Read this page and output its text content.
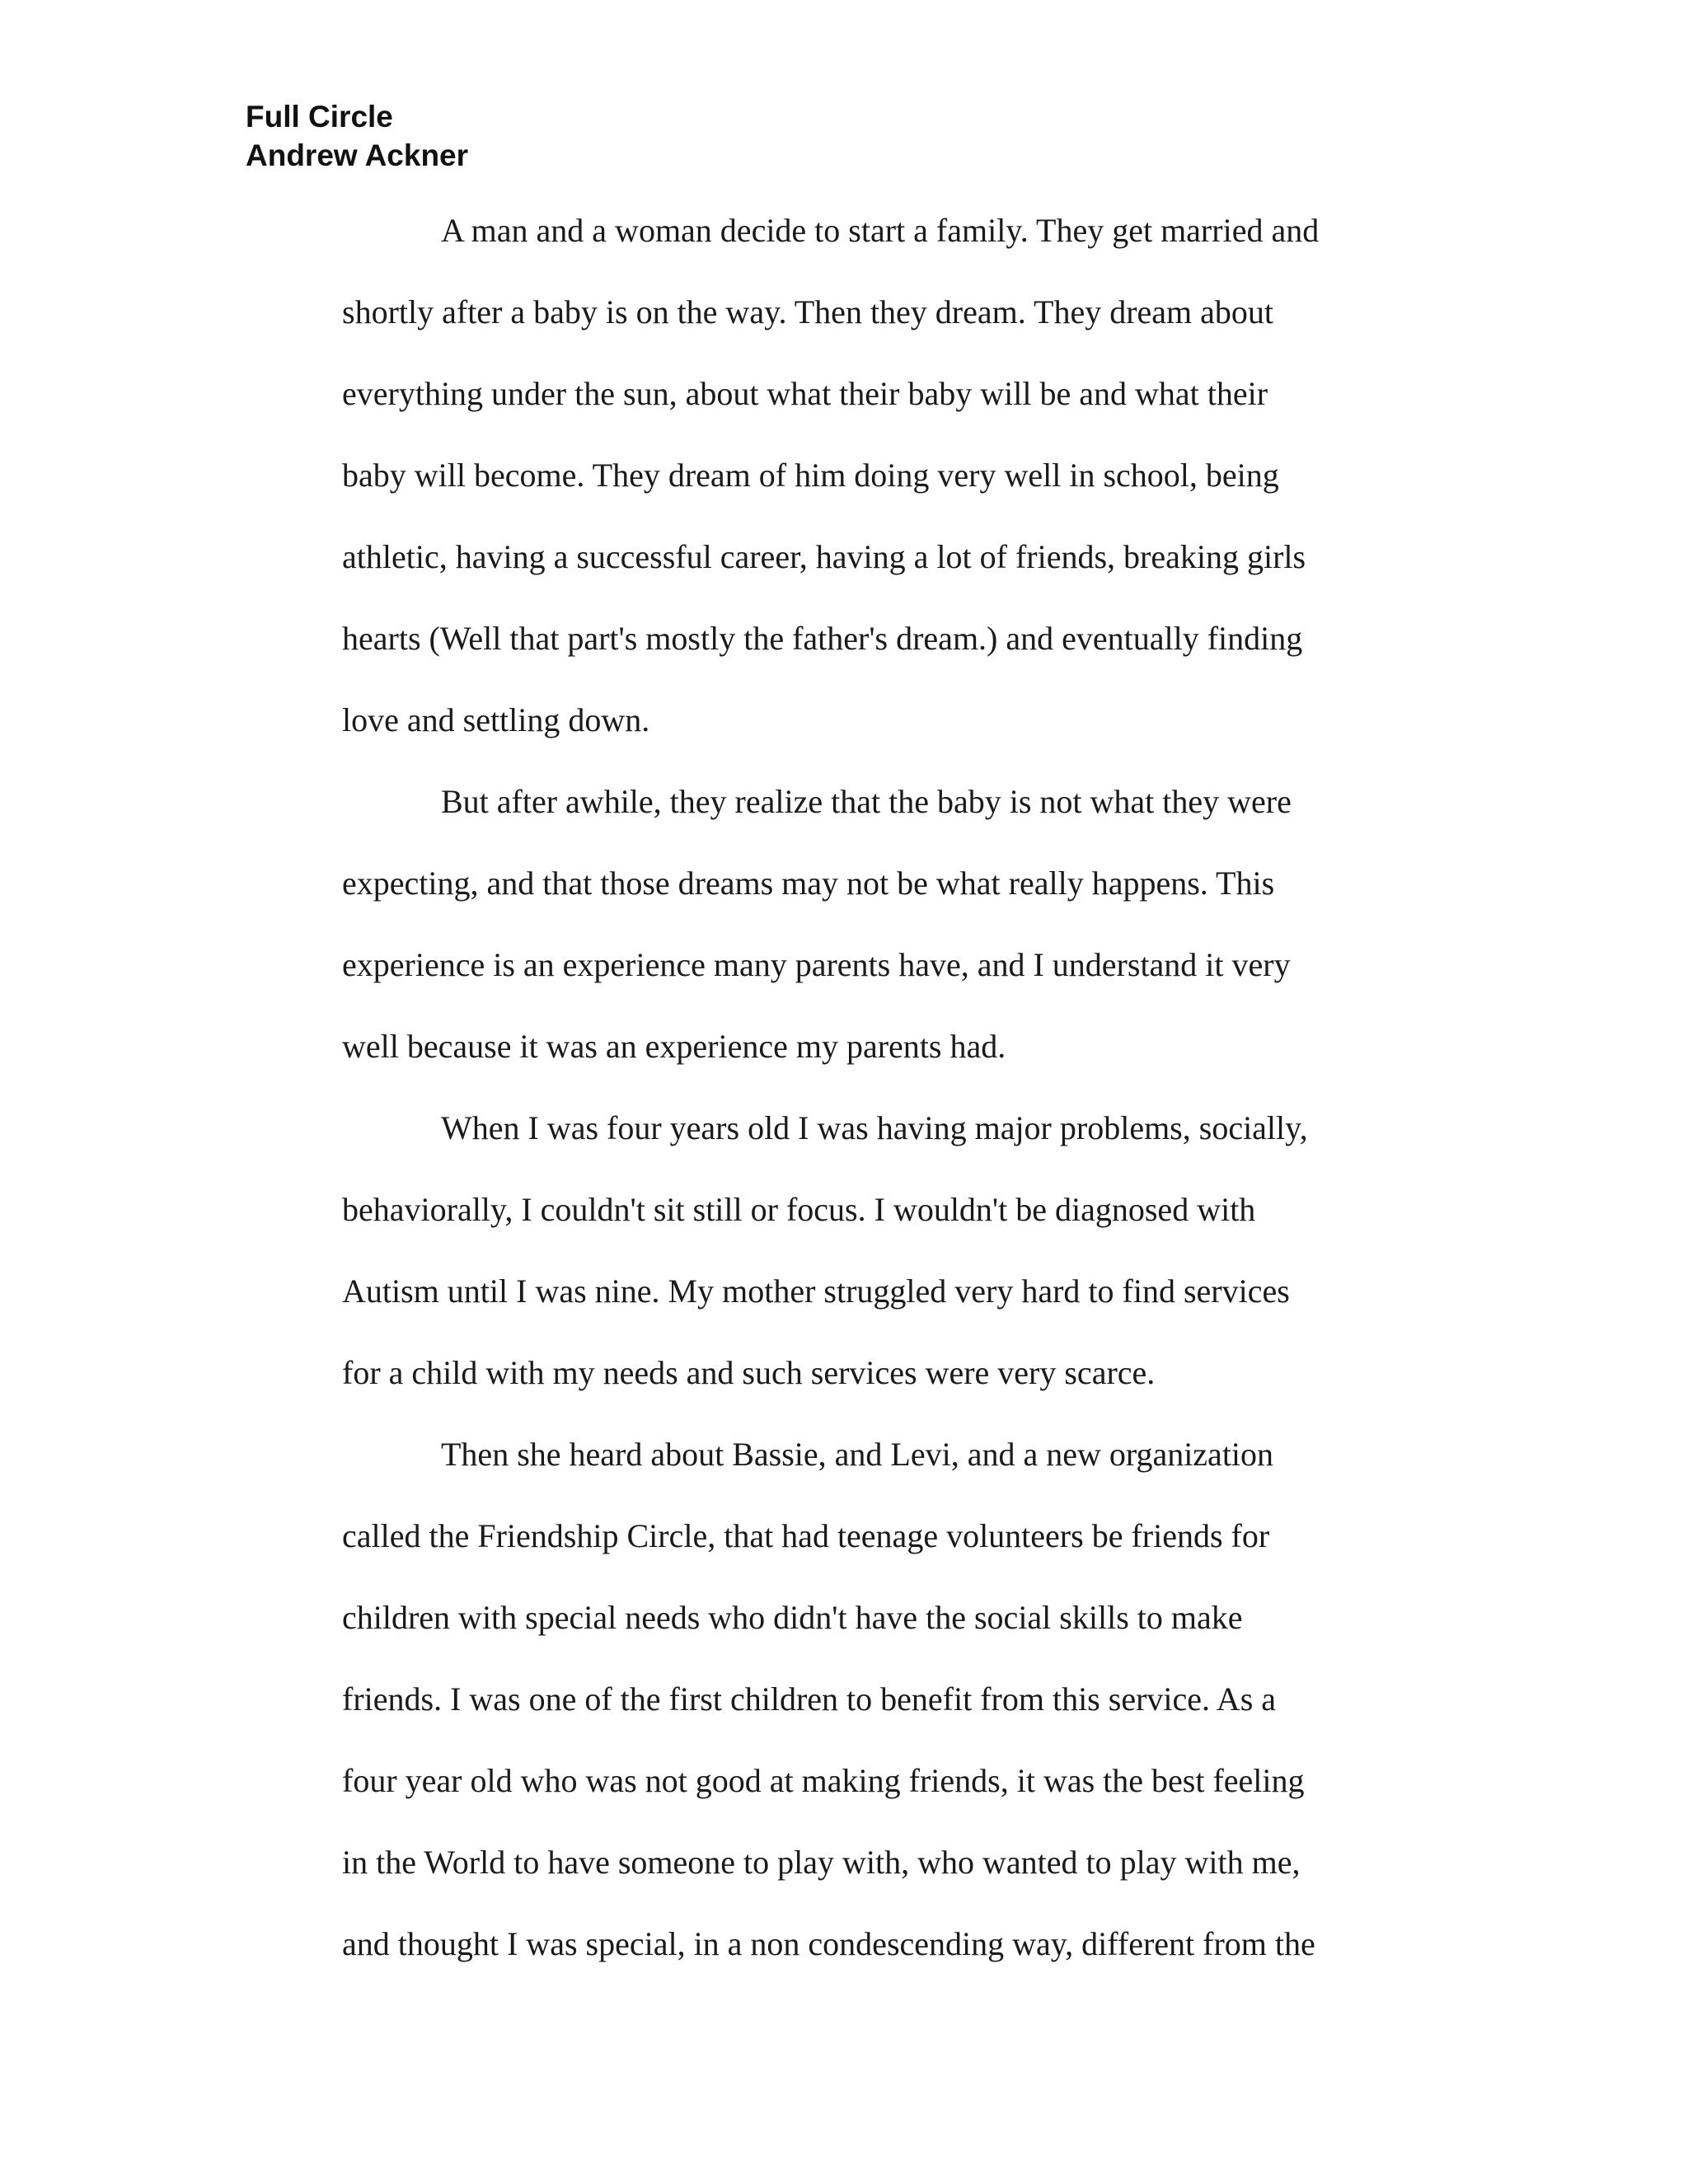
Full Circle
Andrew Ackner
A man and a woman decide to start a family. They get married and
shortly after a baby is on the way. Then they dream. They dream about
everything under the sun, about what their baby will be and what their
baby will become. They dream of him doing very well in school, being
athletic, having a successful career, having a lot of friends, breaking girls
hearts (Well that part's mostly the father's dream.) and eventually finding
love and settling down.
But after awhile, they realize that the baby is not what they were
expecting, and that those dreams may not be what really happens. This
experience is an experience many parents have, and I understand it very
well because it was an experience my parents had.
When I was four years old I was having major problems, socially,
behaviorally, I couldn't sit still or focus. I wouldn't be diagnosed with
Autism until I was nine. My mother struggled very hard to find services
for a child with my needs and such services were very scarce.
Then she heard about Bassie, and Levi, and a new organization
called the Friendship Circle, that had teenage volunteers be friends for
children with special needs who didn't have the social skills to make
friends. I was one of the first children to benefit from this service. As a
four year old who was not good at making friends, it was the best feeling
in the World to have someone to play with, who wanted to play with me,
and thought I was special, in a non condescending way, different from the
